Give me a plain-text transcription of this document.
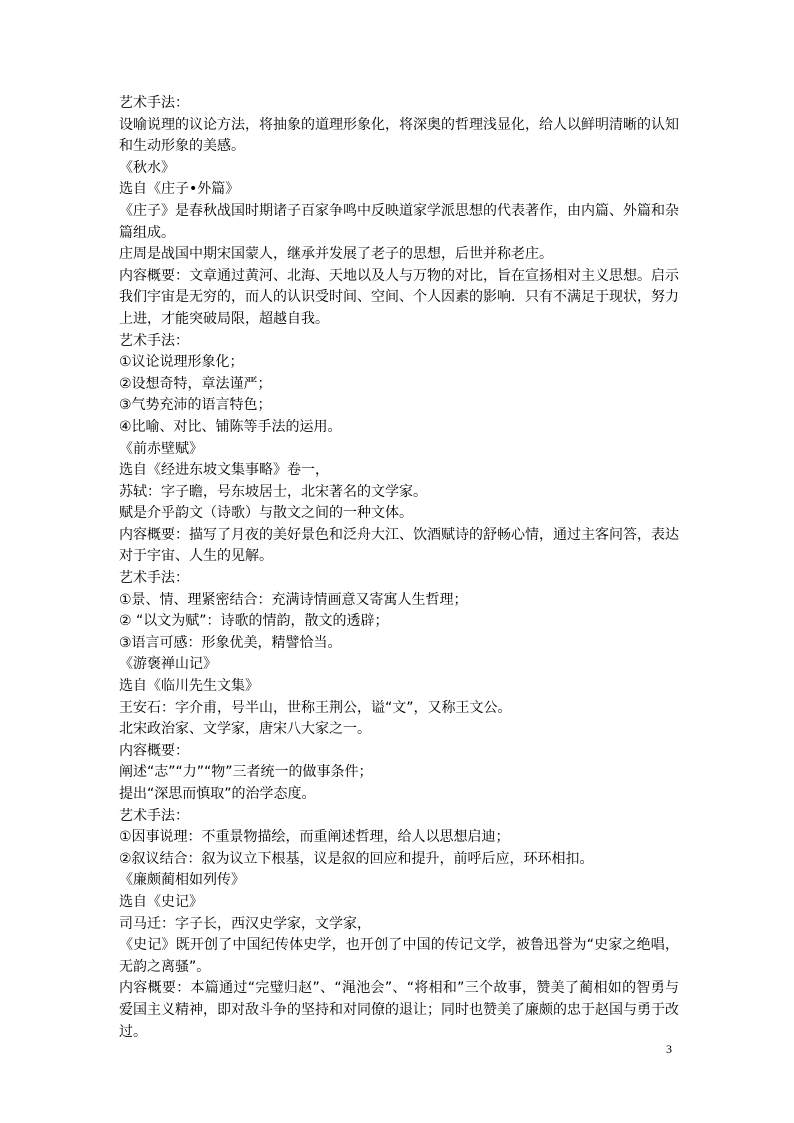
艺术手法：
设喻说理的议论方法，将抽象的道理形象化，将深奥的哲理浅显化，给人以鲜明清晰的认知和生动形象的美感。
《秋水》
选自《庄子•外篇》
《庄子》是春秋战国时期诸子百家争鸣中反映道家学派思想的代表著作，由内篇、外篇和杂篇组成。
庄周是战国中期宋国蒙人，继承并发展了老子的思想，后世并称老庄。
内容概要：文章通过黄河、北海、天地以及人与万物的对比，旨在宣扬相对主义思想。启示我们宇宙是无穷的，而人的认识受时间、空间、个人因素的影响．只有不满足于现状，努力上进，才能突破局限，超越自我。
艺术手法：
①议论说理形象化；
②设想奇特，章法谨严；
③气势充沛的语言特色；
④比喻、对比、铺陈等手法的运用。
《前赤壁赋》
选自《经进东坡文集事略》卷一，
苏轼：字子瞻，号东坡居士，北宋著名的文学家。
赋是介乎韵文（诗歌）与散文之间的一种文体。
内容概要：描写了月夜的美好景色和泛舟大江、饮酒赋诗的舒畅心情，通过主客问答，表达对于宇宙、人生的见解。
艺术手法：
①景、情、理紧密结合：充满诗情画意又寄寓人生哲理；
② “以文为赋”：诗歌的情韵，散文的透辟；
③语言可感：形象优美，精譬恰当。
《游褒禅山记》
选自《临川先生文集》
王安石：字介甫，号半山，世称王荆公，谥“文”，又称王文公。
北宋政治家、文学家，唐宋八大家之一。
内容概要：
阐述“志”“力”“物”三者统一的做事条件；
提出“深思而慎取”的治学态度。
艺术手法：
①因事说理：不重景物描绘，而重阐述哲理，给人以思想启迪；
②叙议结合：叙为议立下根基，议是叙的回应和提升，前呼后应，环环相扣。
《廉颇蔺相如列传》
选自《史记》
司马迁：字子长，西汉史学家，文学家，
《史记》既开创了中国纪传体史学，也开创了中国的传记文学，被鲁迅誉为“史家之绝唱，无韵之离骚”。
内容概要：本篇通过“完璧归赵”、“渑池会”、“将相和”三个故事，赞美了蔺相如的智勇与爱国主义精神，即对敌斗争的坚持和对同僚的退让；同时也赞美了廉颇的忠于赵国与勇于改过。
3
